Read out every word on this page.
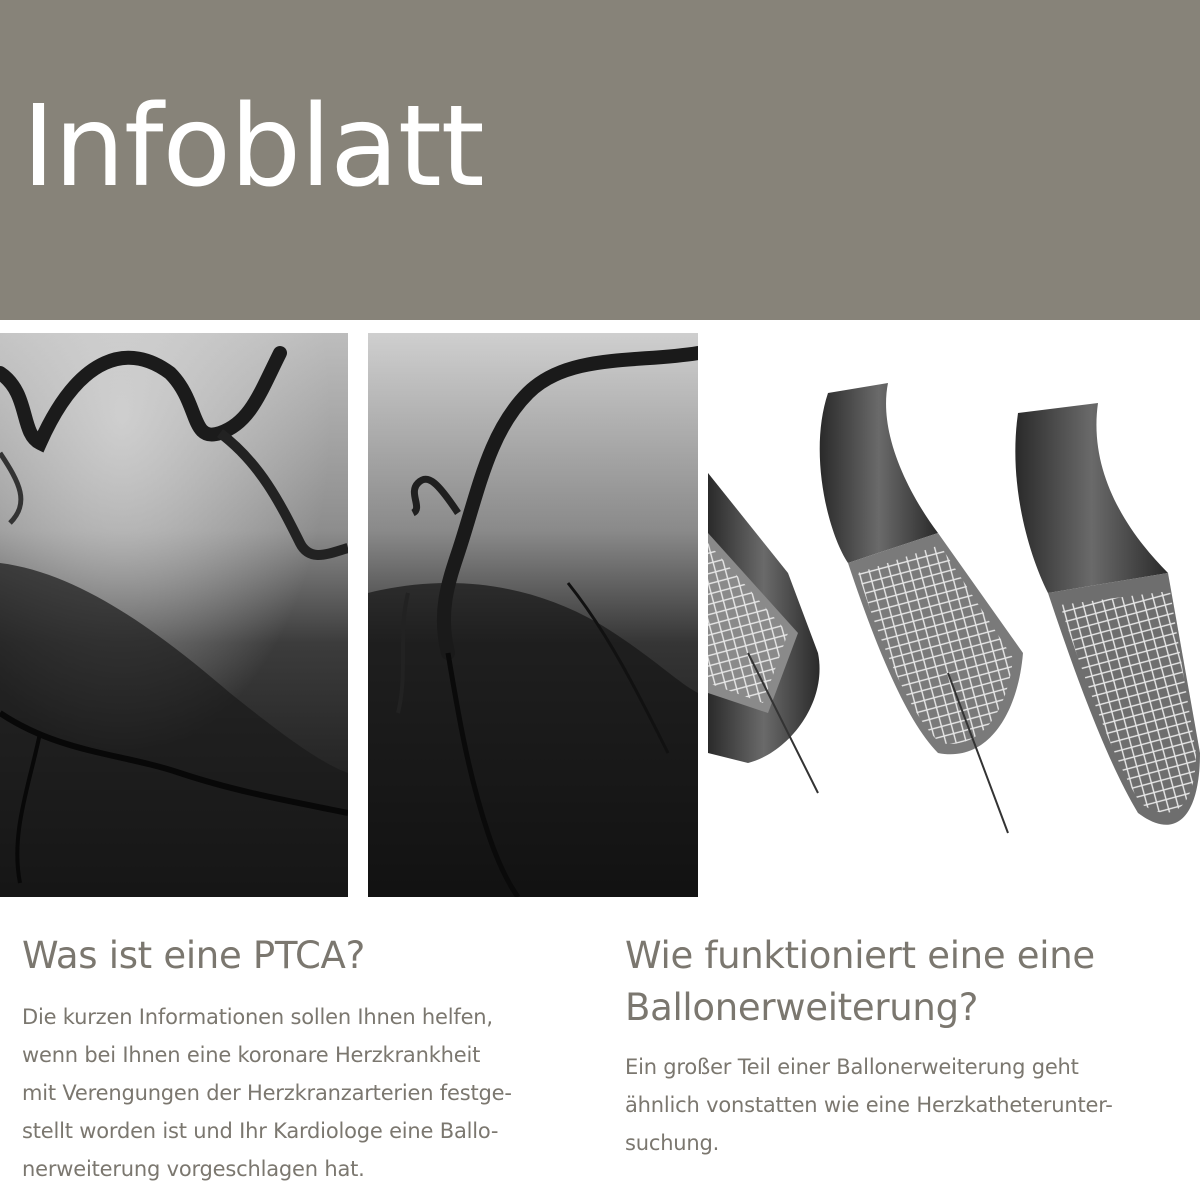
Infoblatt
Was ist eine PTCA?

Die kurzen Informationen sollen Ihnen helfen,
wenn bei Ihnen eine koronare Herzkrankheit
mit Verengungen der Herzkranzarterien festge-
stellt worden ist und Ihr Kardiologe eine Ballo-
nerweiterung vorgeschlagen hat.

Wie funktioniert eine eine
Ballonerweiterung?

Ein großer Teil einer Ballonerweiterung geht
ähnlich vonstatten wie eine Herzkatheterunter-
suchung.
